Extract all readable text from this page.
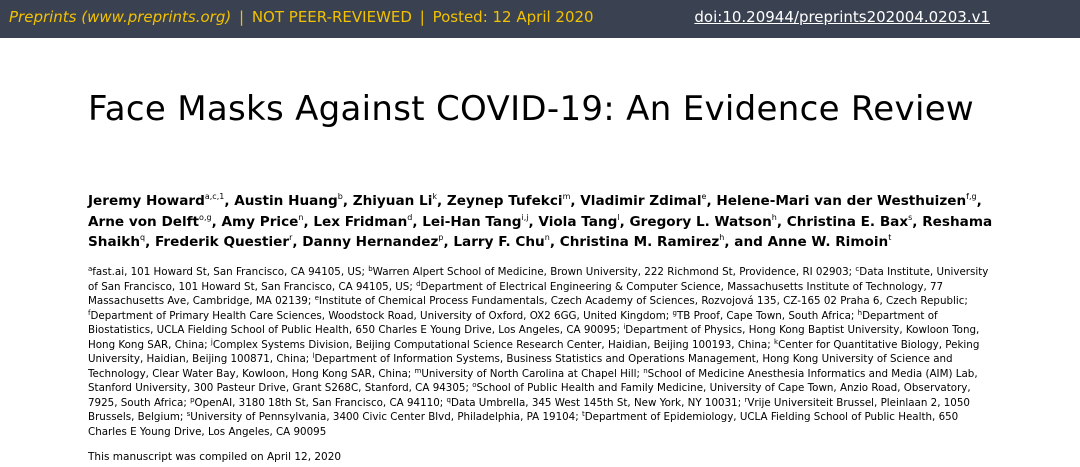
Preprints (www.preprints.org) | NOT PEER-REVIEWED | Posted: 12 April 2020	doi:10.20944/preprints202004.0203.v1
Face Masks Against COVID-19: An Evidence Review
Jeremy Howard$^{a,c,1}$, Austin Huang$^b$, Zhiyuan Li$^k$, Zeynep Tufekci$^m$, Vladimir Zdimal$^e$, Helene-Mari van der Westhuizen$^{f,g}$, Arne von Delft$^{o,g}$, Amy Price$^n$, Lex Fridman$^d$, Lei-Han Tang$^{i,j}$, Viola Tang$^l$, Gregory L. Watson$^h$, Christina E. Bax$^s$, Reshama Shaikh$^q$, Frederik Questier$^r$, Danny Hernandez$^p$, Larry F. Chu$^n$, Christina M. Ramirez$^h$, and Anne W. Rimoin$^t$
$^a$fast.ai, 101 Howard St, San Francisco, CA 94105, US; $^b$Warren Alpert School of Medicine, Brown University, 222 Richmond St, Providence, RI 02903; $^c$Data Institute, University of San Francisco, 101 Howard St, San Francisco, CA 94105, US; $^d$Department of Electrical Engineering & Computer Science, Massachusetts Institute of Technology, 77 Massachusetts Ave, Cambridge, MA 02139; $^e$Institute of Chemical Process Fundamentals, Czech Academy of Sciences, Rozvojová 135, CZ-165 02 Praha 6, Czech Republic; $^f$Department of Primary Health Care Sciences, Woodstock Road, University of Oxford, OX2 6GG, United Kingdom; $^g$TB Proof, Cape Town, South Africa; $^h$Department of Biostatistics, UCLA Fielding School of Public Health, 650 Charles E Young Drive, Los Angeles, CA 90095; $^i$Department of Physics, Hong Kong Baptist University, Kowloon Tong, Hong Kong SAR, China; $^j$Complex Systems Division, Beijing Computational Science Research Center, Haidian, Beijing 100193, China; $^k$Center for Quantitative Biology, Peking University, Haidian, Beijing 100871, China; $^l$Department of Information Systems, Business Statistics and Operations Management, Hong Kong University of Science and Technology, Clear Water Bay, Kowloon, Hong Kong SAR, China; $^m$University of North Carolina at Chapel Hill; $^n$School of Medicine Anesthesia Informatics and Media (AIM) Lab, Stanford University, 300 Pasteur Drive, Grant S268C, Stanford, CA 94305; $^o$School of Public Health and Family Medicine, University of Cape Town, Anzio Road, Observatory, 7925, South Africa; $^p$OpenAI, 3180 18th St, San Francisco, CA 94110; $^q$Data Umbrella, 345 West 145th St, New York, NY 10031; $^r$Vrije Universiteit Brussel, Pleinlaan 2, 1050 Brussels, Belgium; $^s$University of Pennsylvania, 3400 Civic Center Blvd, Philadelphia, PA 19104; $^t$Department of Epidemiology, UCLA Fielding School of Public Health, 650 Charles E Young Drive, Los Angeles, CA 90095
This manuscript was compiled on April 12, 2020
